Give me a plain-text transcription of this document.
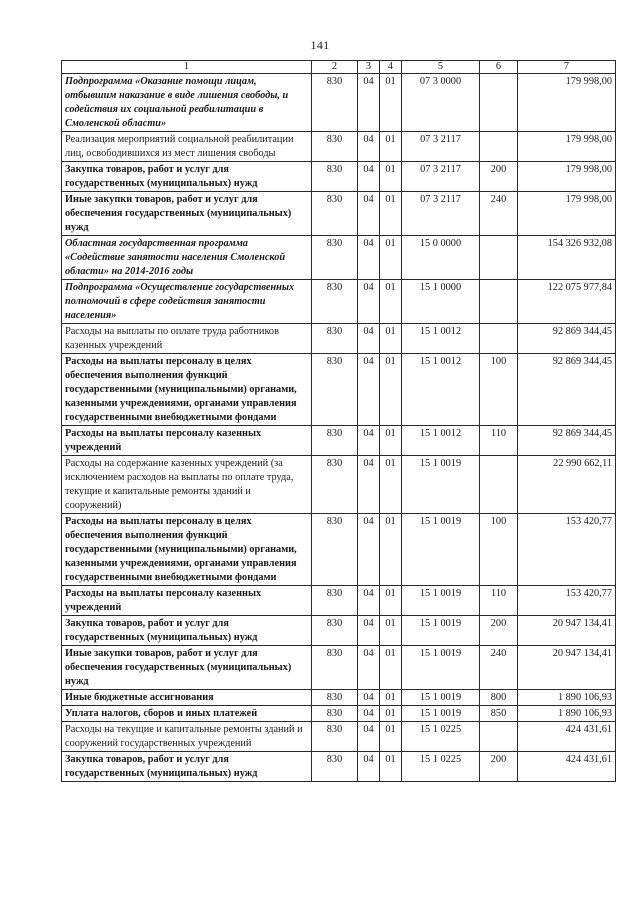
141
1	2	3	4	5	6	7
Подпрограмма «Оказание помощи лицам, отбывшим наказание в виде лишения свободы, и содействия их социальной реабилитации в Смоленской области»	830	04	01	07 3 0000		179 998,00
Реализация мероприятий социальной реабилитации лиц, освободившихся из мест лишения свободы	830	04	01	07 3 2117		179 998,00
Закупка товаров, работ и услуг для государственных (муниципальных) нужд	830	04	01	07 3 2117	200	179 998,00
Иные закупки товаров, работ и услуг для обеспечения государственных (муниципальных) нужд	830	04	01	07 3 2117	240	179 998,00
Областная государственная программа «Содействие занятости населения Смоленской области» на 2014-2016 годы	830	04	01	15 0 0000		154 326 932,08
Подпрограмма «Осуществление государственных полномочий в сфере содействия занятости населения»	830	04	01	15 1 0000		122 075 977,84
Расходы на выплаты по оплате труда работников казенных учреждений	830	04	01	15 1 0012		92 869 344,45
Расходы на выплаты персоналу в целях обеспечения выполнения функций государственными (муниципальными) органами, казенными учреждениями, органами управления государственными внебюджетными фондами	830	04	01	15 1 0012	100	92 869 344,45
Расходы на выплаты персоналу казенных учреждений	830	04	01	15 1 0012	110	92 869 344,45
Расходы на содержание казенных учреждений (за исключением расходов на выплаты по оплате труда, текущие и капитальные ремонты зданий и сооружений)	830	04	01	15 1 0019		22 990 662,11
Расходы на выплаты персоналу в целях обеспечения выполнения функций государственными (муниципальными) органами, казенными учреждениями, органами управления государственными внебюджетными фондами	830	04	01	15 1 0019	100	153 420,77
Расходы на выплаты персоналу казенных учреждений	830	04	01	15 1 0019	110	153 420,77
Закупка товаров, работ и услуг для государственных (муниципальных) нужд	830	04	01	15 1 0019	200	20 947 134,41
Иные закупки товаров, работ и услуг для обеспечения государственных (муниципальных) нужд	830	04	01	15 1 0019	240	20 947 134,41
Иные бюджетные ассигнования	830	04	01	15 1 0019	800	1 890 106,93
Уплата налогов, сборов и иных платежей	830	04	01	15 1 0019	850	1 890 106,93
Расходы на текущие и капитальные ремонты зданий и сооружений государственных учреждений	830	04	01	15 1 0225		424 431,61
Закупка товаров, работ и услуг для государственных (муниципальных) нужд	830	04	01	15 1 0225	200	424 431,61
